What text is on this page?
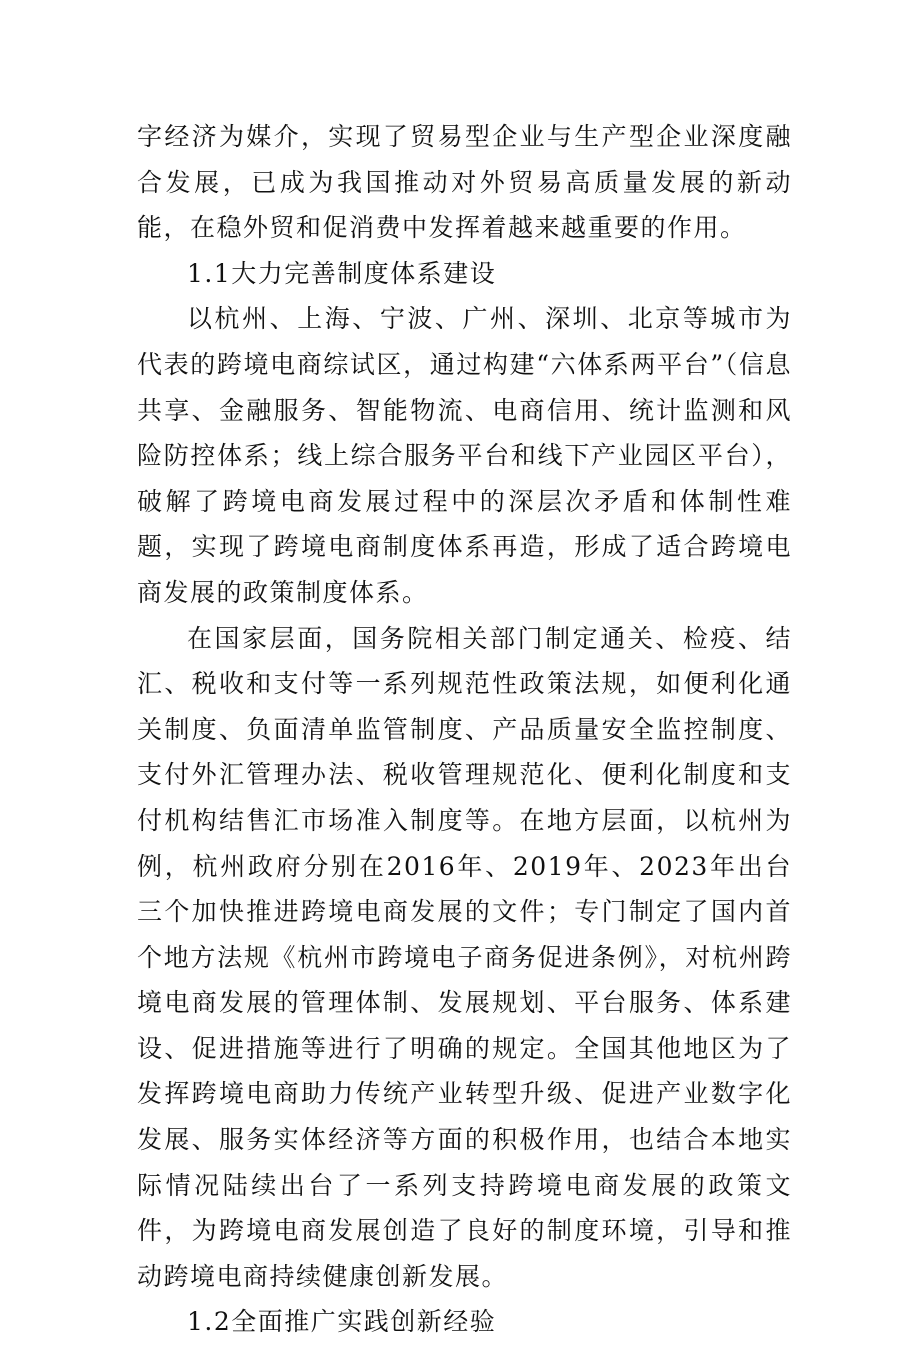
字经济为媒介，实现了贸易型企业与生产型企业深度融合发展，已成为我国推动对外贸易高质量发展的新动能，在稳外贸和促消费中发挥着越来越重要的作用。

1.1大力完善制度体系建设

以杭州、上海、宁波、广州、深圳、北京等城市为代表的跨境电商综试区，通过构建“六体系两平台”（信息共享、金融服务、智能物流、电商信用、统计监测和风险防控体系；线上综合服务平台和线下产业园区平台），破解了跨境电商发展过程中的深层次矛盾和体制性难题，实现了跨境电商制度体系再造，形成了适合跨境电商发展的政策制度体系。

在国家层面，国务院相关部门制定通关、检疫、结汇、税收和支付等一系列规范性政策法规，如便利化通关制度、负面清单监管制度、产品质量安全监控制度、支付外汇管理办法、税收管理规范化、便利化制度和支付机构结售汇市场准入制度等。在地方层面，以杭州为例，杭州政府分别在2016年、2019年、2023年出台三个加快推进跨境电商发展的文件；专门制定了国内首个地方法规《杭州市跨境电子商务促进条例》，对杭州跨境电商发展的管理体制、发展规划、平台服务、体系建设、促进措施等进行了明确的规定。全国其他地区为了发挥跨境电商助力传统产业转型升级、促进产业数字化发展、服务实体经济等方面的积极作用，也结合本地实际情况陆续出台了一系列支持跨境电商发展的政策文件，为跨境电商发展创造了良好的制度环境，引导和推动跨境电商持续健康创新发展。

1.2全面推广实践创新经验
